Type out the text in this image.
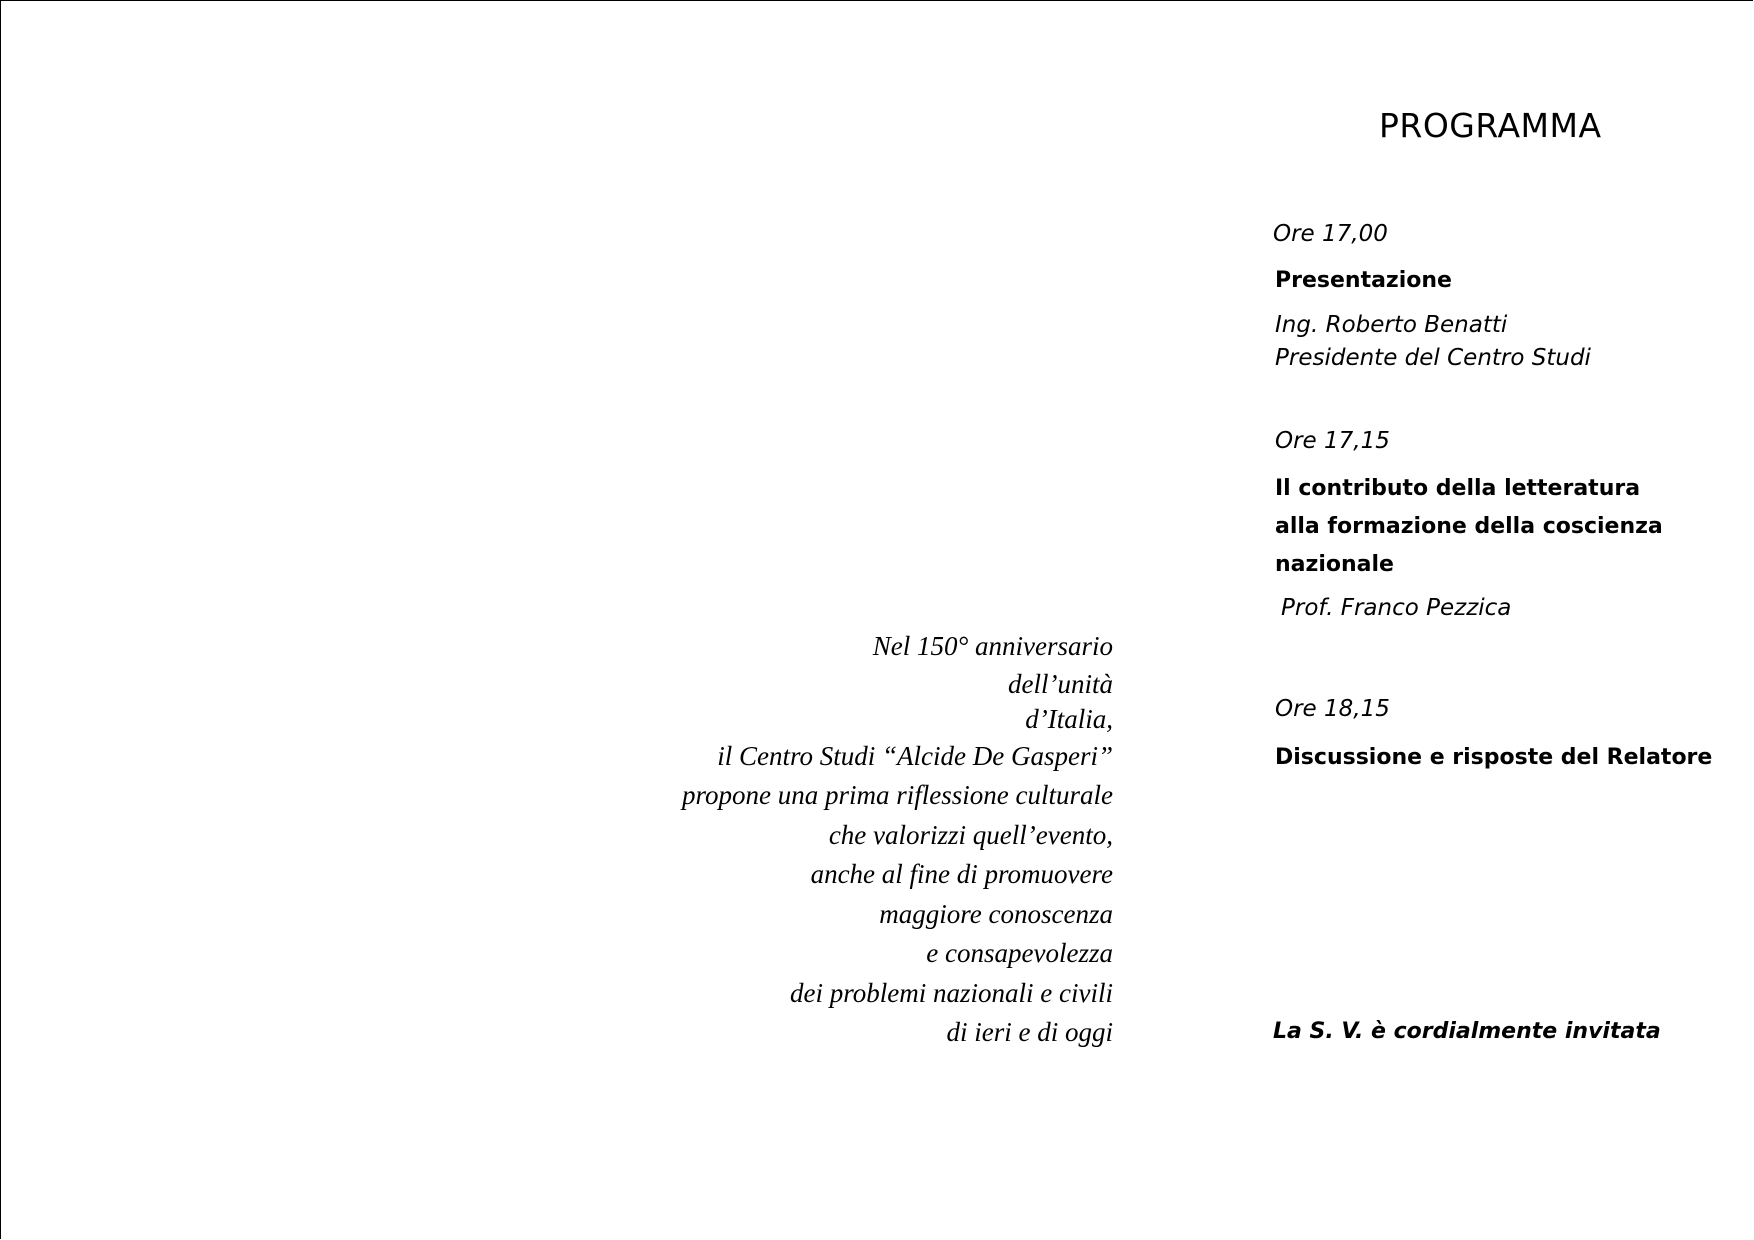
Nel 150° anniversario
dell’unità
d’Italia,
il Centro Studi “Alcide De Gasperi”
propone una prima riflessione culturale
che valorizzi quell’evento,
anche al fine di promuovere
maggiore conoscenza
e consapevolezza
dei problemi nazionali e civili
di ieri e di oggi
PROGRAMMA
Ore 17,00
Presentazione
Ing. Roberto Benatti
Presidente del Centro Studi
Ore 17,15
Il contributo della letteratura
alla formazione della coscienza
nazionale
Prof. Franco Pezzica
Ore 18,15
Discussione e risposte del Relatore
La S. V. è cordialmente invitata
